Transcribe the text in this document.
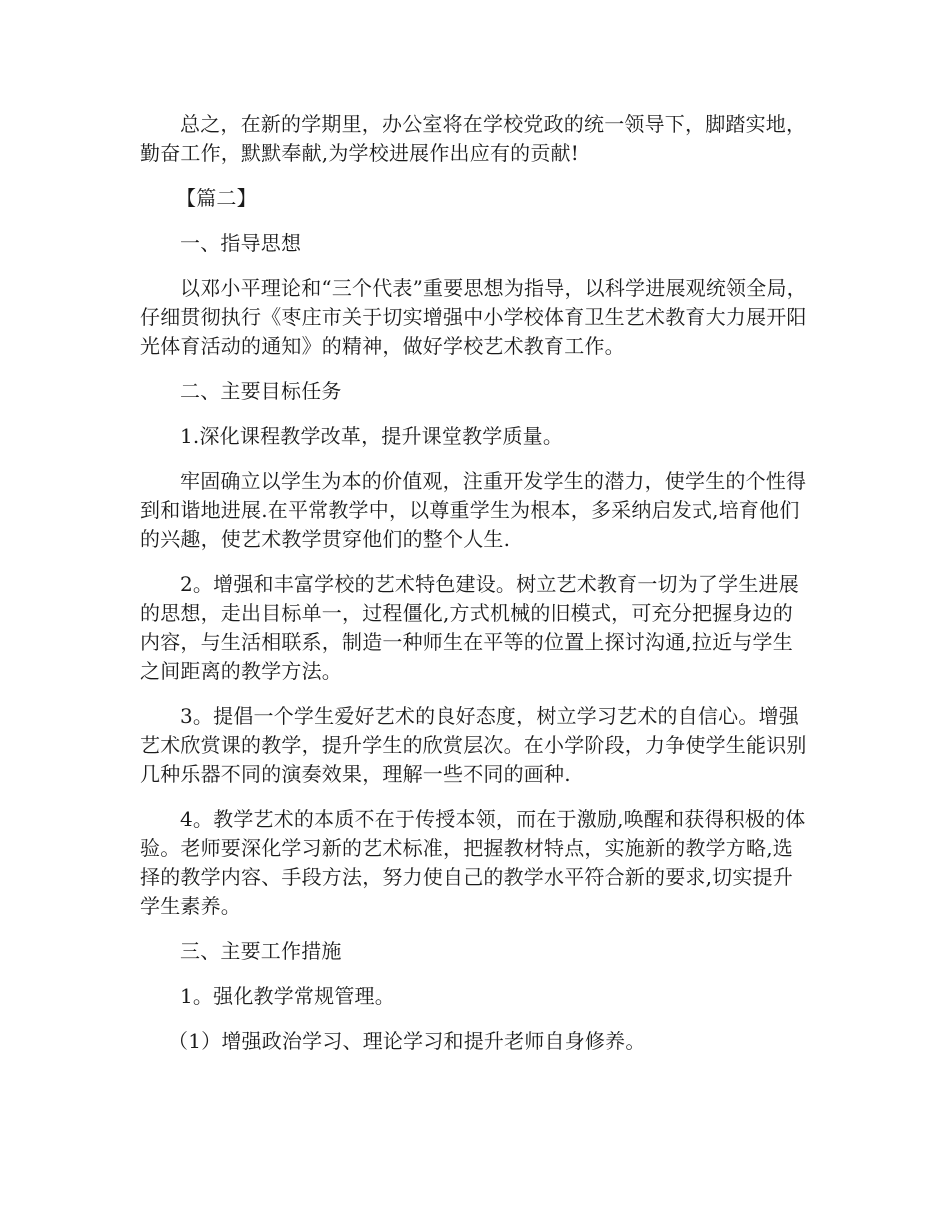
总之，在新的学期里，办公室将在学校党政的统一领导下，脚踏实地，勤奋工作，默默奉献,为学校进展作出应有的贡献!

【篇二】

一、指导思想

以邓小平理论和“三个代表”重要思想为指导，以科学进展观统领全局，仔细贯彻执行《枣庄市关于切实增强中小学校体育卫生艺术教育大力展开阳光体育活动的通知》的精神，做好学校艺术教育工作。

二、主要目标任务

1.深化课程教学改革，提升课堂教学质量。

牢固确立以学生为本的价值观，注重开发学生的潜力，使学生的个性得到和谐地进展.在平常教学中，以尊重学生为根本，多采纳启发式,培育他们的兴趣，使艺术教学贯穿他们的整个人生.

2。增强和丰富学校的艺术特色建设。树立艺术教育一切为了学生进展的思想，走出目标单一，过程僵化,方式机械的旧模式，可充分把握身边的内容，与生活相联系，制造一种师生在平等的位置上探讨沟通,拉近与学生之间距离的教学方法。

3。提倡一个学生爱好艺术的良好态度，树立学习艺术的自信心。增强艺术欣赏课的教学，提升学生的欣赏层次。在小学阶段，力争使学生能识别几种乐器不同的演奏效果，理解一些不同的画种.

4。教学艺术的本质不在于传授本领，而在于激励,唤醒和获得积极的体验。老师要深化学习新的艺术标准，把握教材特点，实施新的教学方略,选择的教学内容、手段方法，努力使自己的教学水平符合新的要求,切实提升学生素养。

三、主要工作措施

1。强化教学常规管理。

（1）增强政治学习、理论学习和提升老师自身修养。
